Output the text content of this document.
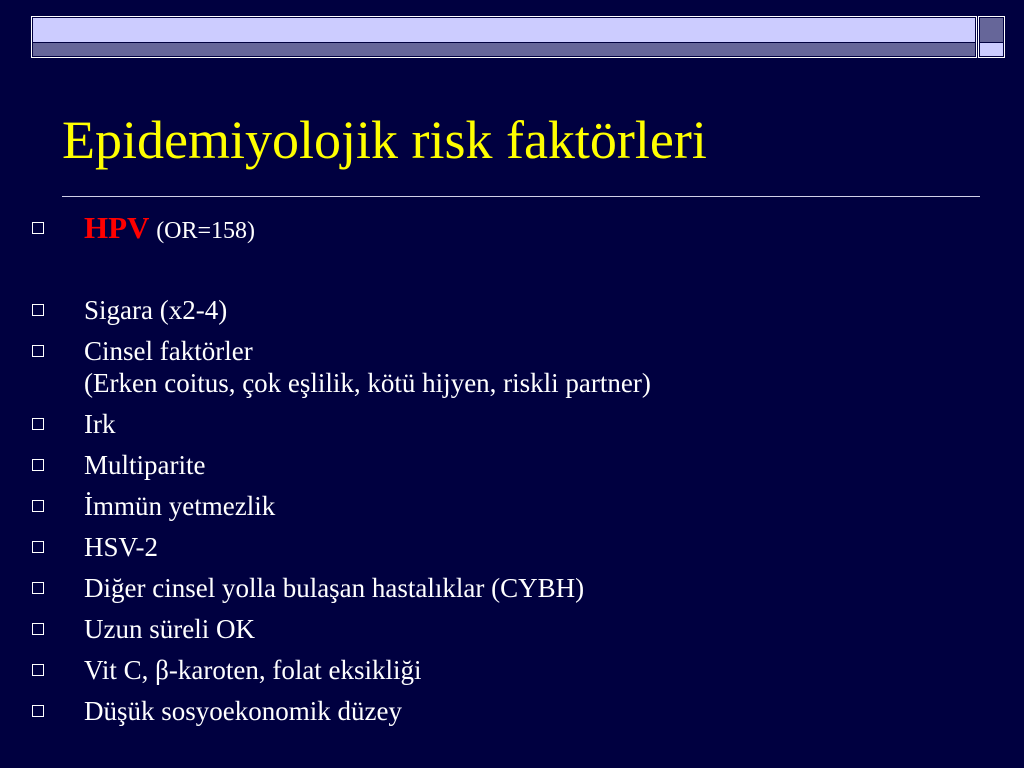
Epidemiyolojik risk faktörleri
HPV (OR=158)
Sigara (x2-4)
Cinsel faktörler
(Erken coitus, çok eşlilik, kötü hijyen, riskli partner)
Irk
Multiparite
İmmün yetmezlik
HSV-2
Diğer cinsel yolla bulaşan hastalıklar (CYBH)
Uzun süreli OK
Vit C, β-karoten, folat eksikliği
Düşük sosyoekonomik düzey
